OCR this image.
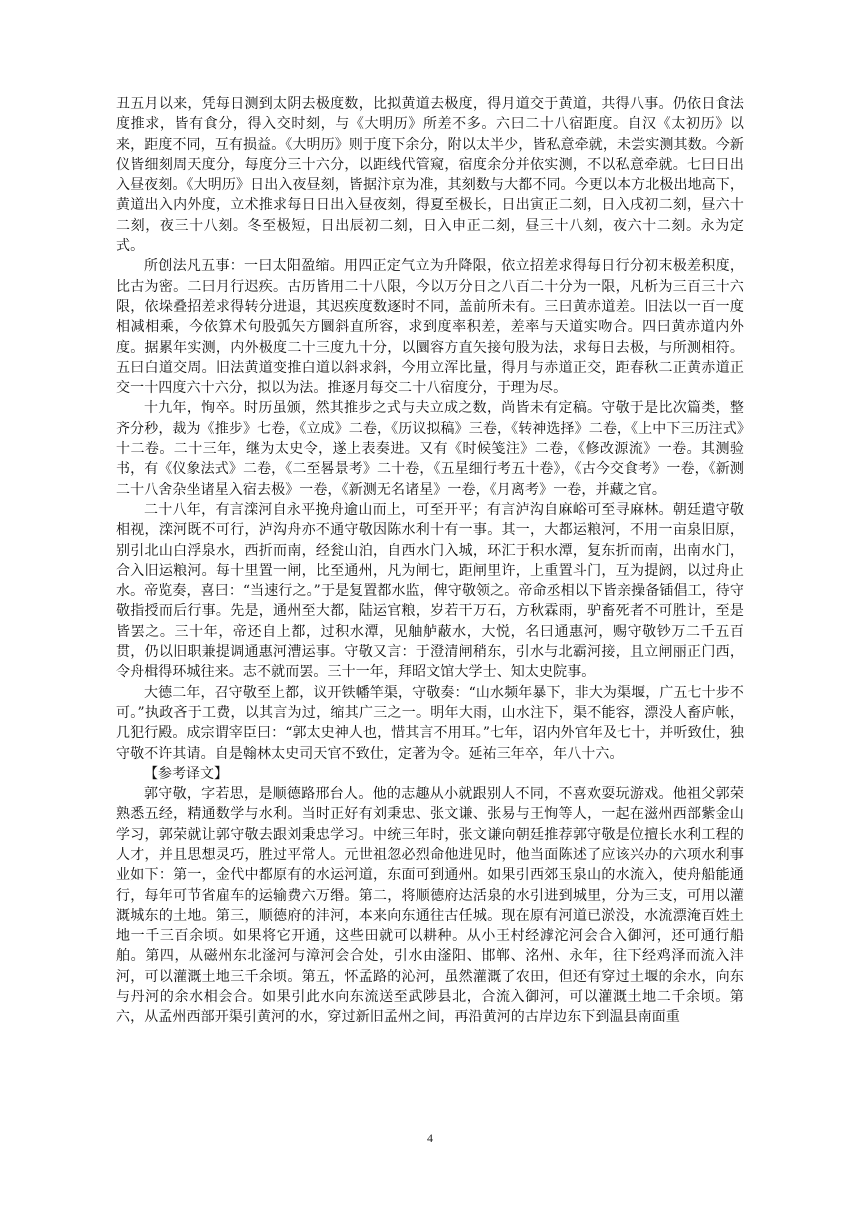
丑五月以来，凭每日测到太阴去极度数，比拟黄道去极度，得月道交于黄道，共得八事。仍依日食法度推求，皆有食分，得入交时刻，与《大明历》所差不多。六曰二十八宿距度。自汉《太初历》以来，距度不同，互有损益。《大明历》则于度下余分，附以太半少，皆私意牵就，未尝实测其数。今新仪皆细刻周天度分，每度分三十六分，以距线代管窥，宿度余分并依实测，不以私意牵就。七曰日出入昼夜刻。《大明历》日出入夜昼刻，皆据汴京为准，其刻数与大都不同。今更以本方北极出地高下，黄道出入内外度，立术推求每日日出入昼夜刻，得夏至极长，日出寅正二刻，日入戌初二刻，昼六十二刻，夜三十八刻。冬至极短，日出辰初二刻，日入申正二刻，昼三十八刻，夜六十二刻。永为定式。

所创法凡五事：一曰太阳盈缩。用四正定气立为升降限，依立招差求得每日行分初末极差积度，比古为密。二曰月行迟疾。古历皆用二十八限，今以万分日之八百二十分为一限，凡析为三百三十六限，依垛叠招差求得转分进退，其迟疾度数逐时不同，盖前所未有。三曰黄赤道差。旧法以一百一度相减相乘，今依算术句股弧矢方圜斜直所容，求到度率积差，差率与天道实吻合。四曰黄赤道内外度。据累年实测，内外极度二十三度九十分，以圜容方直矢接句股为法，求每日去极，与所测相符。五曰白道交周。旧法黄道变推白道以斜求斜，今用立浑比量，得月与赤道正交，距春秋二正黄赤道正交一十四度六十六分，拟以为法。推逐月每交二十八宿度分，于理为尽。

十九年，恂卒。时历虽颁，然其推步之式与夫立成之数，尚皆未有定稿。守敬于是比次篇类，整齐分秒，裁为《推步》七卷，《立成》二卷，《历议拟稿》三卷，《转神选择》二卷，《上中下三历注式》十二卷。二十三年，继为太史令，遂上表奏进。又有《时候笺注》二卷，《修改源流》一卷。其测验书，有《仪象法式》二卷，《二至晷景考》二十卷，《五星细行考五十卷》，《古今交食考》一卷，《新测二十八舍杂坐诸星入宿去极》一卷，《新测无名诸星》一卷，《月离考》一卷，并藏之官。

二十八年，有言滦河自永平挽舟逾山而上，可至开平；有言泸沟自麻峪可至寻麻林。朝廷遣守敬相视，滦河既不可行，泸沟舟亦不通守敬因陈水利十有一事。其一，大都运粮河，不用一亩泉旧原，别引北山白浮泉水，西折而南，经瓮山泊，自西水门入城，环汇于积水潭，复东折而南，出南水门，合入旧运粮河。每十里置一闸，比至通州，凡为闸七，距闸里许，上重置斗门，互为提阏，以过舟止水。帝览奏，喜曰：“当速行之。”于是复置都水监，俾守敬领之。帝命丞相以下皆亲操备锸倡工，待守敬指授而后行事。先是，通州至大都，陆运官粮，岁若干万石，方秋霖雨，驴畜死者不可胜计，至是皆罢之。三十年，帝还自上都，过积水潭，见舳舻蔽水，大悦，名曰通惠河，赐守敬钞万二千五百贯，仍以旧职兼提调通惠河漕运事。守敬又言：于澄清闸稍东，引水与北霸河接，且立闸丽正门西，令舟楫得环城往来。志不就而罢。三十一年，拜昭文馆大学士、知太史院事。

大德二年，召守敬至上都，议开铁幡竿渠，守敬奏：“山水频年暴下，非大为渠堰，广五七十步不可。”执政吝于工费，以其言为过，缩其广三之一。明年大雨，山水注下，渠不能容，漂没人畜庐帐，几犯行殿。成宗谓宰臣曰：“郭太史神人也，惜其言不用耳。”七年，诏内外官年及七十，并听致仕，独守敬不许其请。自是翰林太史司天官不致仕，定著为令。延祐三年卒，年八十六。

【参考译文】

郭守敬，字若思，是顺德路邢台人。他的志趣从小就跟别人不同，不喜欢耍玩游戏。他祖父郭荣熟悉五经，精通数学与水利。当时正好有刘秉忠、张文谦、张易与王恂等人，一起在滋州西部紫金山学习，郭荣就让郭守敬去跟刘秉忠学习。中统三年时，张文谦向朝廷推荐郭守敬是位擅长水利工程的人才，并且思想灵巧，胜过平常人。元世祖忽必烈命他进见时，他当面陈述了应该兴办的六项水利事业如下：第一，金代中都原有的水运河道，东面可到通州。如果引西郊玉泉山的水流入，使舟船能通行，每年可节省雇车的运输费六万缗。第二，将顺德府达活泉的水引进到城里，分为三支，可用以灌溉城东的土地。第三，顺德府的沣河，本来向东通往古任城。现在原有河道已淤没，水流漂淹百姓土地一千三百余顷。如果将它开通，这些田就可以耕种。从小王村经滹沱河会合入御河，还可通行船舶。第四，从磁州东北滏河与漳河会合处，引水由滏阳、邯郸、洺州、永年，往下经鸡泽而流入沣河，可以灌溉土地三千余顷。第五，怀孟路的沁河，虽然灌溉了农田，但还有穿过土堰的余水，向东与丹河的余水相会合。如果引此水向东流送至武陟县北，合流入御河，可以灌溉土地二千余顷。第六，从孟州西部开渠引黄河的水，穿过新旧孟州之间，再沿黄河的古岸边东下到温县南面重

4
